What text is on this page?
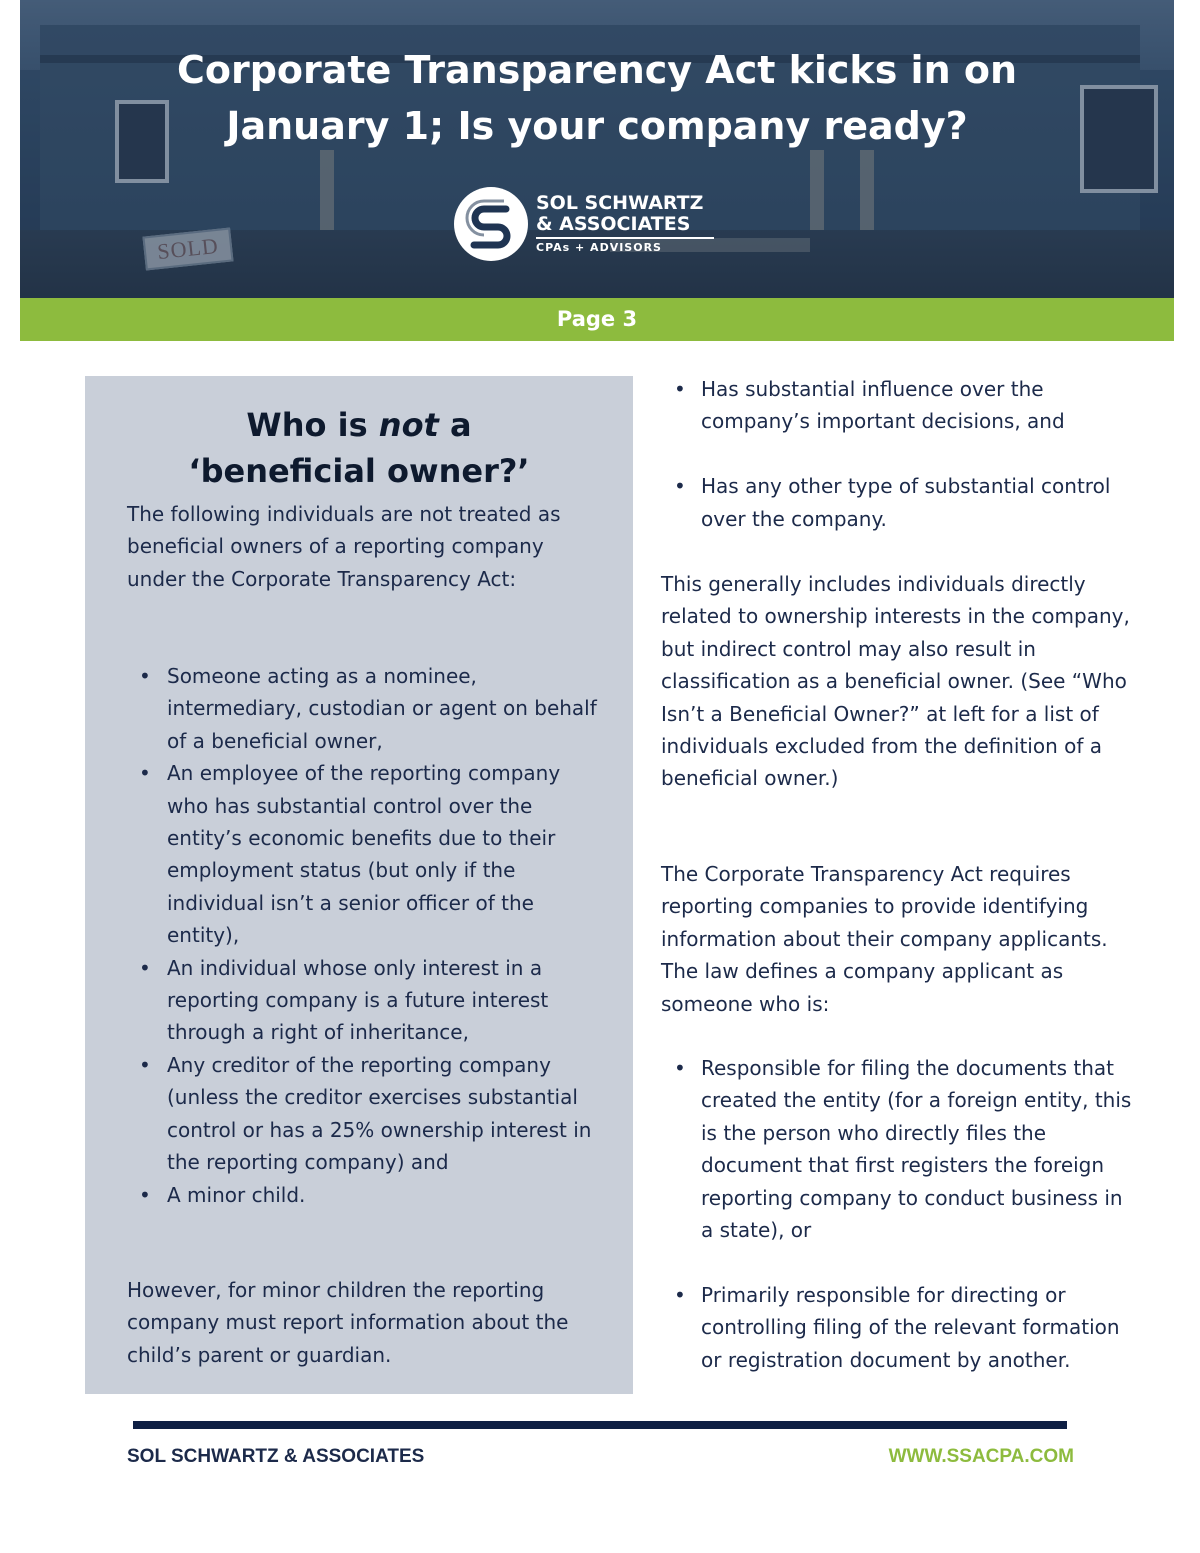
SOLD
Corporate Transparency Act kicks in on
January 1; Is your company ready?
SOL SCHWARTZ
& ASSOCIATES
CPAs + ADVISORS
Page 3
Who is not a
‘beneficial owner?’
The following individuals are not treated as beneficial owners of a reporting company under the Corporate Transparency Act:
• Someone acting as a nominee, intermediary, custodian or agent on behalf of a beneficial owner,
• An employee of the reporting company who has substantial control over the entity’s economic benefits due to their employment status (but only if the individual isn’t a senior officer of the entity),
• An individual whose only interest in a reporting company is a future interest through a right of inheritance,
• Any creditor of the reporting company (unless the creditor exercises substantial control or has a 25% ownership interest in the reporting company) and
• A minor child.
However, for minor children the reporting company must report information about the child’s parent or guardian.
• Has substantial influence over the company’s important decisions, and
• Has any other type of substantial control over the company.
This generally includes individuals directly related to ownership interests in the company, but indirect control may also result in classification as a beneficial owner. (See “Who Isn’t a Beneficial Owner?” at left for a list of individuals excluded from the definition of a beneficial owner.)
The Corporate Transparency Act requires reporting companies to provide identifying information about their company applicants. The law defines a company applicant as someone who is:
• Responsible for filing the documents that created the entity (for a foreign entity, this is the person who directly files the document that first registers the foreign reporting company to conduct business in a state), or
• Primarily responsible for directing or controlling filing of the relevant formation or registration document by another.
SOL SCHWARTZ & ASSOCIATES	WWW.SSACPA.COM
